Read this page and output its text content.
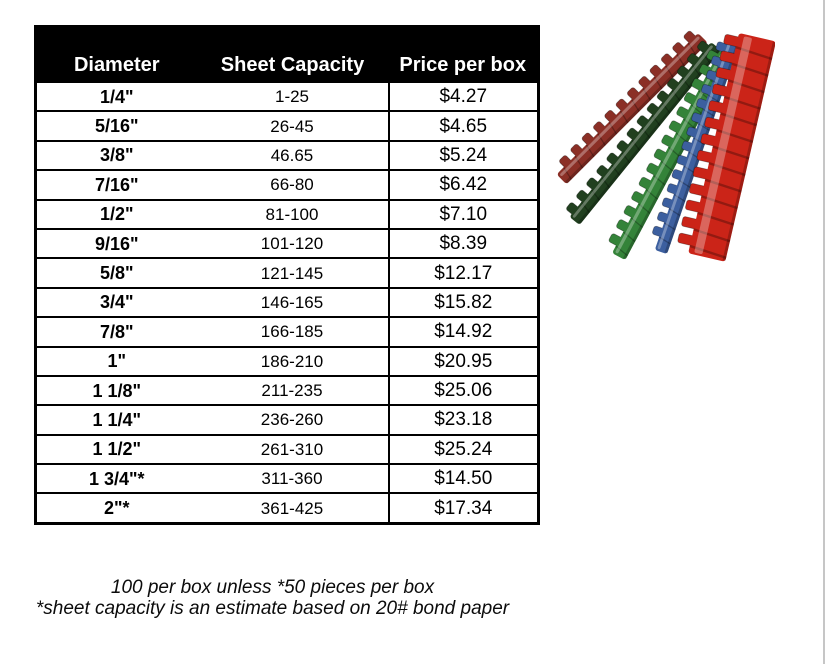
Diameter	Sheet Capacity	Price per box
1/4"	1-25	$4.27
5/16"	26-45	$4.65
3/8"	46.65	$5.24
7/16"	66-80	$6.42
1/2"	81-100	$7.10
9/16"	101-120	$8.39
5/8"	121-145	$12.17
3/4"	146-165	$15.82
7/8"	166-185	$14.92
1"	186-210	$20.95
1 1/8"	211-235	$25.06
1 1/4"	236-260	$23.18
1 1/2"	261-310	$25.24
1 3/4"*	311-360	$14.50
2"*	361-425	$17.34
100 per box unless *50 pieces per box
*sheet capacity is an estimate based on 20# bond paper
